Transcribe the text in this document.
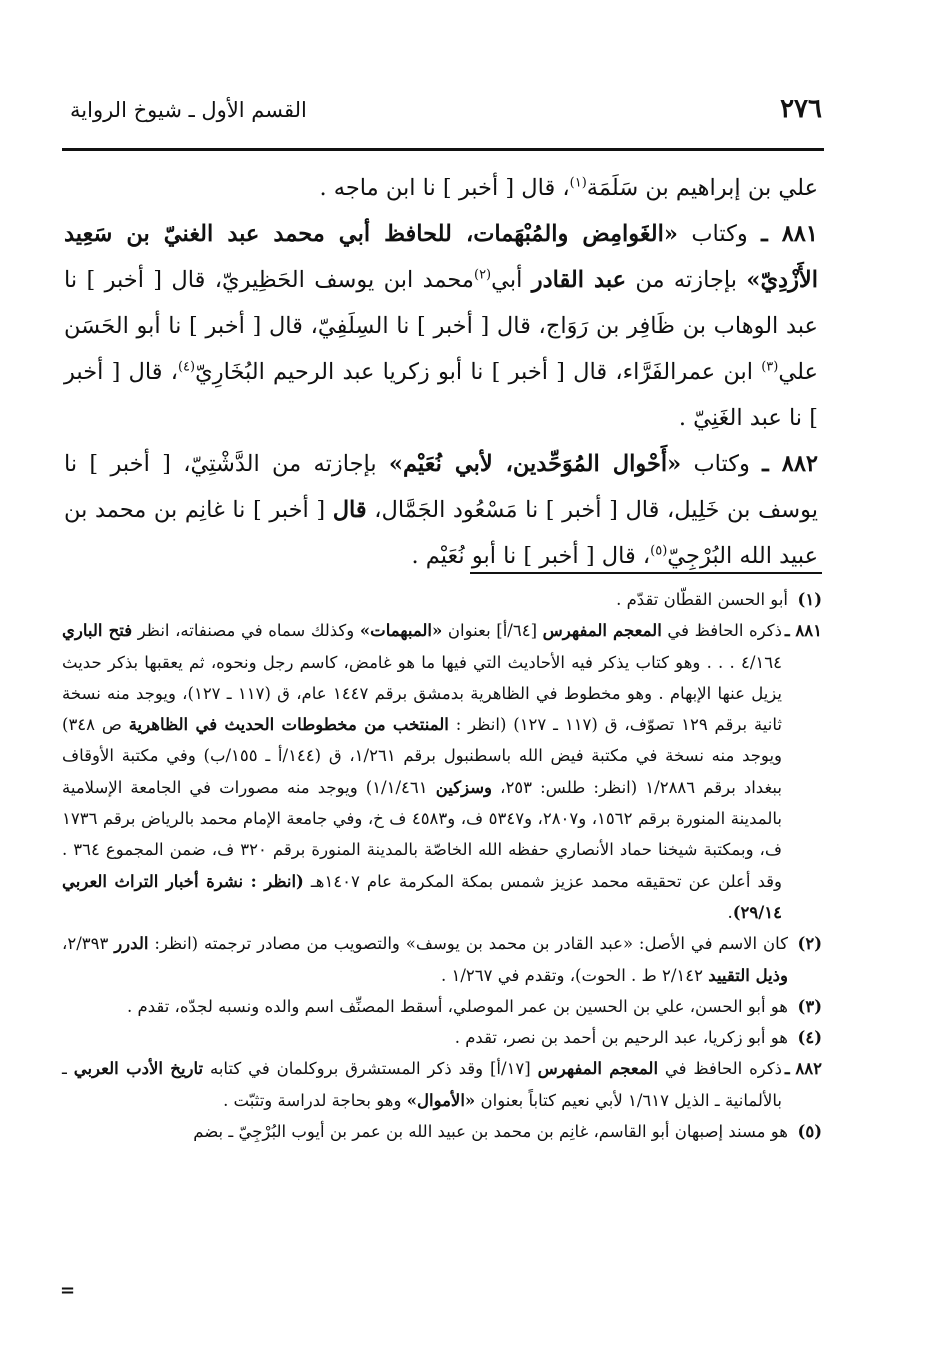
٢٧٦
القسم الأول ـ شيوخ الرواية

علي بن إبراهيم بن سَلَمَة$^{(١)}$، قال [ أخبر ] نا ابن ماجه .

٨٨١ ـ وكتاب «الغَوامِض والمُبْهَمات، للحافظ أبي محمد عبد الغنيّ بن سَعِيد الأَزْدِيّ» بإجازته من عبد القادر أبي$^{(٢)}$محمد ابن يوسف الحَظِيريّ، قال [ أخبر ] نا عبد الوهاب بن ظَافِر بن رَوَاج، قال [ أخبر ] نا السِلَفِيّ، قال [ أخبر ] نا أبو الحَسَن علي$^{(٣)}$ ابن عمرالفَرَّاء، قال [ أخبر ] نا أبو زكريا عبد الرحيم البُخَارِيّ$^{(٤)}$، قال [ أخبر ] نا عبد الغَنِيّ .

٨٨٢ ـ وكتاب «أَحْوال المُوَحِّدين، لأبي نُعَيْم» بإجازته من الدَّشْتِيّ، [ أخبر ] نا يوسف بن خَلِيل، قال [ أخبر ] نا مَسْعُود الجَمَّال، قال [ أخبر ] نا غانِم بن محمد بن عبيد الله البُرْجِيّ$^{(٥)}$، قال [ أخبر ] نا أبو نُعَيْم .

(١)
أبو الحسن القطّان تقدّم .

٨٨١ ـ
ذكره الحافظ في المعجم المفهرس [٦٤/أ] بعنوان «المبهمات» وكذلك سماه في مصنفاته، انظر فتح الباري ٤/١٦٤ . . . وهو كتاب يذكر فيه الأحاديث التي فيها ما هو غامض، كاسم رجل ونحوه، ثم يعقبها بذكر حديث يزيل عنها الإبهام . وهو مخطوط في الظاهرية بدمشق برقم ١٤٤٧ عام، ق (١١٧ ـ ١٢٧)، ويوجد منه نسخة ثانية برقم ١٢٩ تصوّف، ق (١١٧ ـ ١٢٧) (انظر : المنتخب من مخطوطات الحديث في الظاهرية ص ٣٤٨) ويوجد منه نسخة في مكتبة فيض الله باسطنبول برقم ١/٢٦١، ق (١٤٤/أ ـ ١٥٥/ب) وفي مكتبة الأوقاف ببغداد برقم ١/٢٨٨٦ (انظر: طلس: ٢٥٣، وسزكين ١/١/٤٦١) ويوجد منه مصورات في الجامعة الإسلامية بالمدينة المنورة برقم ١٥٦٢، و٢٨٠٧، و٥٣٤٧ ف، و٤٥٨٣ ف خ، وفي جامعة الإمام محمد بالرياض برقم ١٧٣٦ ف، وبمكتبة شيخنا حماد الأنصاري حفظه الله الخاصّة بالمدينة المنورة برقم ٣٢٠ ف، ضمن المجموع ٣٦٤ . وقد أعلن عن تحقيقه محمد عزيز شمس بمكة المكرمة عام ١٤٠٧هـ (انظر : نشرة أخبار التراث العربي ٢٩/١٤).

(٢)
كان الاسم في الأصل: «عبد القادر بن محمد بن يوسف» والتصويب من مصادر ترجمته (انظر: الدرر ٢/٣٩٣، وذيل التقييد ٢/١٤٢ ط . الحوت)، وتقدم في ١/٢٦٧ .

(٣)
هو أبو الحسن، علي بن الحسين بن عمر الموصلي، أسقط المصنِّف اسم والده ونسبه لجدّه، تقدم .

(٤)
هو أبو زكريا، عبد الرحيم بن أحمد بن نصر، تقدم .

٨٨٢ ـ
ذكره الحافظ في المعجم المفهرس [١٧/أ] وقد ذكر المستشرق بروكلمان في كتابه تاريخ الأدب العربي ـ بالألمانية ـ الذيل ١/٦١٧ لأبي نعيم كتاباً بعنوان «الأموال» وهو بحاجة لدراسة وتثبّت .

(٥)
هو مسند إصبهان أبو القاسم، غانِم بن محمد بن عبيد الله بن عمر بن أيوب البُرْجِيّ ـ بضم

=
